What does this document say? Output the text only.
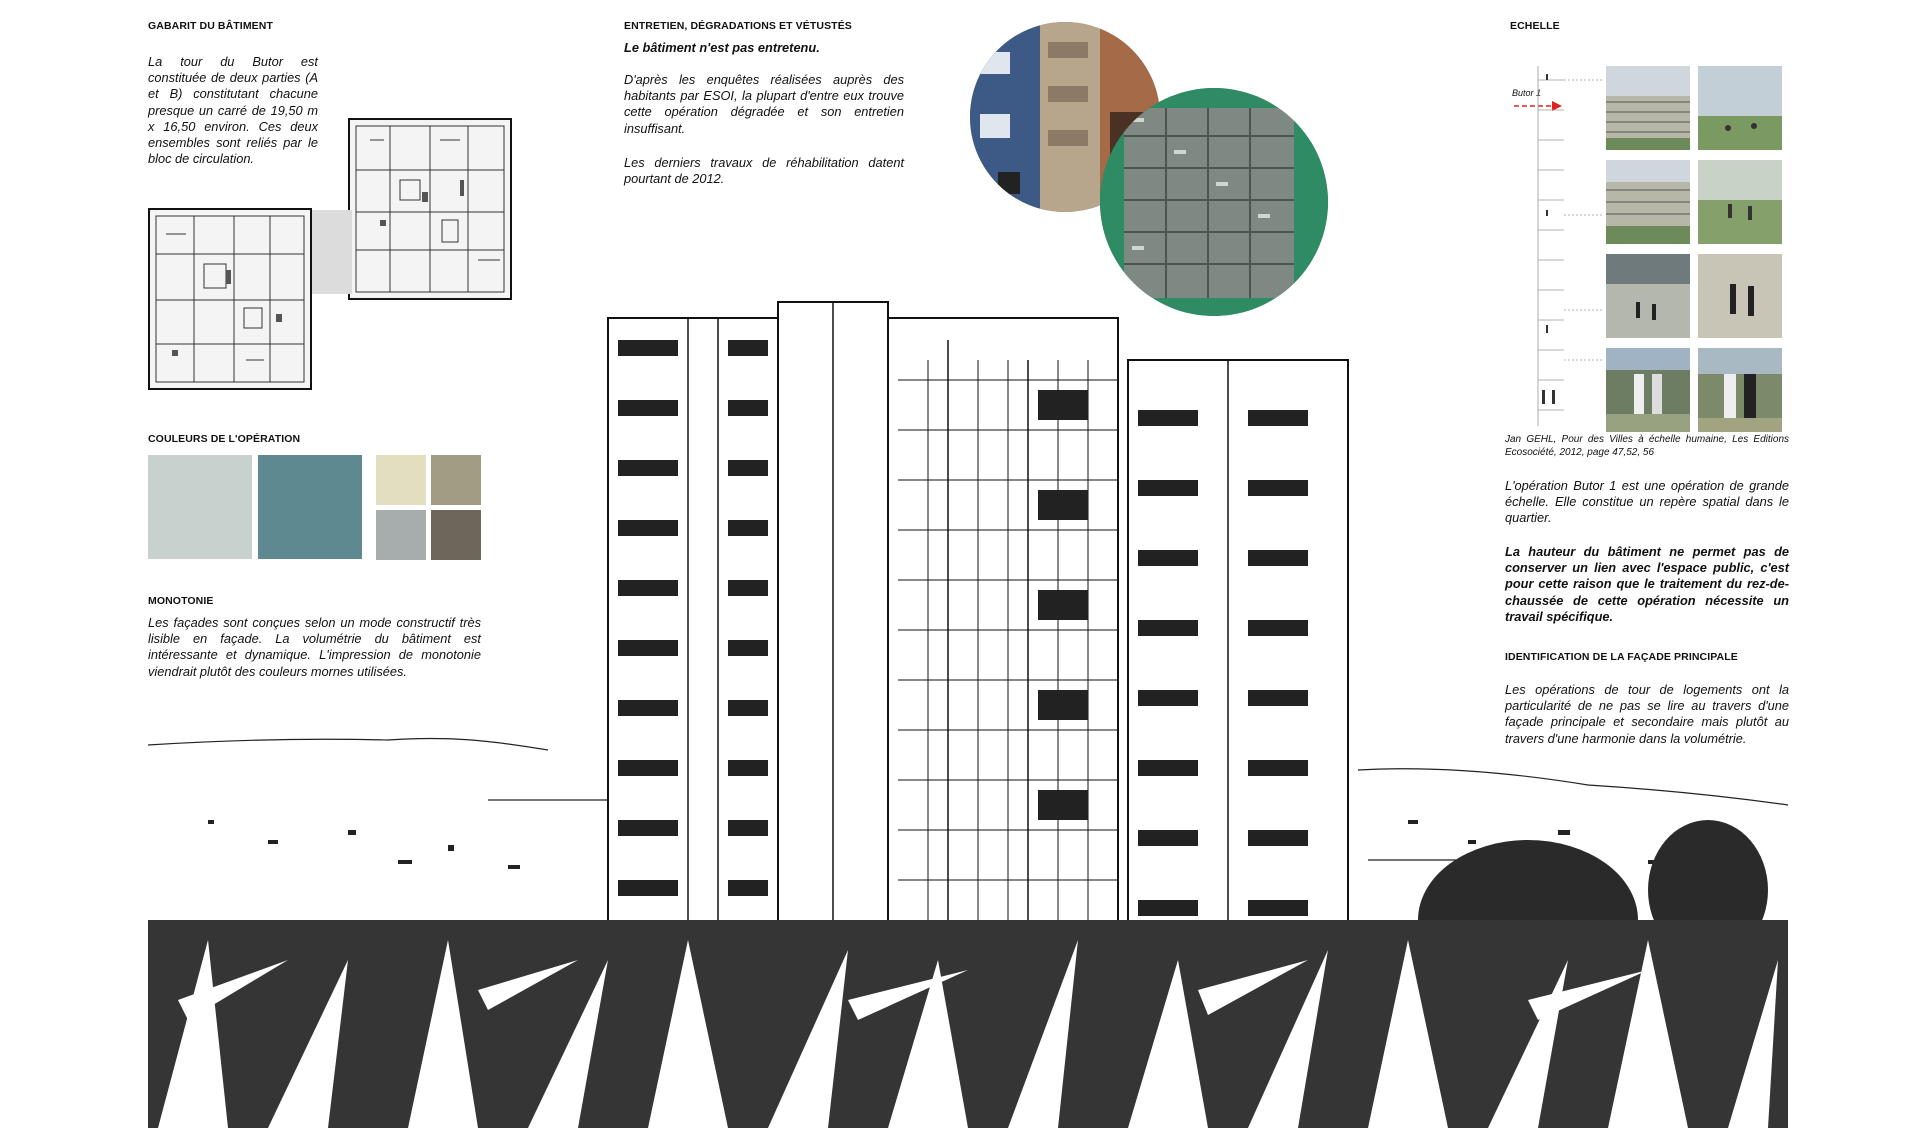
GABARIT DU BÂTIMENT
La tour du Butor est constituée de deux parties (A et B) constitutant chacune presque un carré de 19,50 m x 16,50 environ. Ces deux ensembles sont reliés par le bloc de circulation.
COULEURS DE L'OPÉRATION
MONOTONIE
Les façades sont conçues selon un mode constructif très lisible en façade. La volumétrie du bâtiment est intéressante et dynamique. L'impression de monotonie viendrait plutôt des couleurs mornes utilisées.
ENTRETIEN, DÉGRADATIONS ET VÉTUSTÉS
Le bâtiment n'est pas entretenu.
D'après les enquêtes réalisées auprès des habitants par ESOI, la plupart d'entre eux trouve cette opération dégradée et son entretien insuffisant.
Les derniers travaux de réhabilitation datent pourtant de 2012.
ECHELLE
Butor 1
Jan GEHL, Pour des Villes à échelle humaine, Les Editions Ecosociété, 2012, page 47,52, 56
L'opération Butor 1 est une opération de grande échelle. Elle constitue un repère spatial dans le quartier.
La hauteur du bâtiment ne permet pas de conserver un lien avec l'espace public, c'est pour cette raison que le traitement du rez-de-chaussée de cette opération nécessite un travail spécifique.
IDENTIFICATION DE LA FAÇADE PRINCIPALE
Les opérations de tour de logements ont la particularité de ne pas se lire au travers d'une façade principale et secondaire mais plutôt au travers d'une harmonie dans la volumétrie.
